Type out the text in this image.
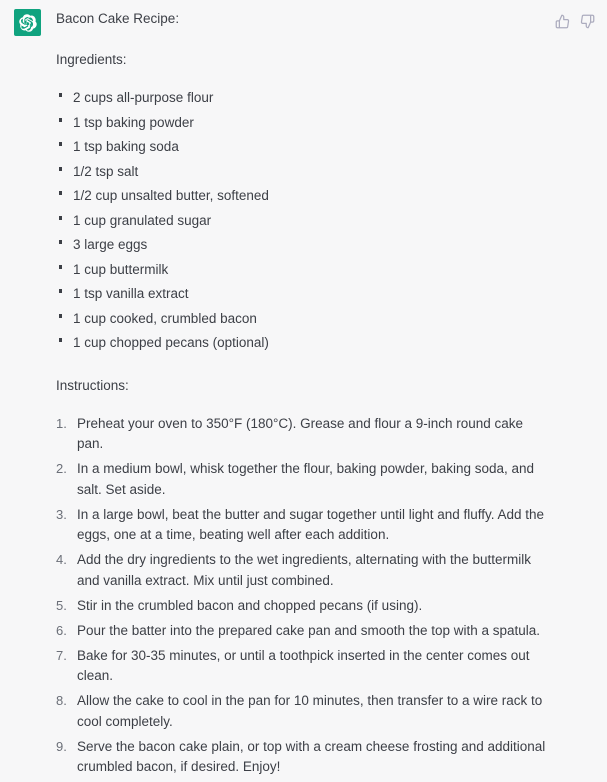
Bacon Cake Recipe:

Ingredients:

2 cups all-purpose flour
1 tsp baking powder
1 tsp baking soda
1/2 tsp salt
1/2 cup unsalted butter, softened
1 cup granulated sugar
3 large eggs
1 cup buttermilk
1 tsp vanilla extract
1 cup cooked, crumbled bacon
1 cup chopped pecans (optional)

Instructions:

Preheat your oven to 350°F (180°C). Grease and flour a 9-inch round cake pan.
In a medium bowl, whisk together the flour, baking powder, baking soda, and salt. Set aside.
In a large bowl, beat the butter and sugar together until light and fluffy. Add the eggs, one at a time, beating well after each addition.
Add the dry ingredients to the wet ingredients, alternating with the buttermilk and vanilla extract. Mix until just combined.
Stir in the crumbled bacon and chopped pecans (if using).
Pour the batter into the prepared cake pan and smooth the top with a spatula.
Bake for 30-35 minutes, or until a toothpick inserted in the center comes out clean.
Allow the cake to cool in the pan for 10 minutes, then transfer to a wire rack to cool completely.
Serve the bacon cake plain, or top with a cream cheese frosting and additional crumbled bacon, if desired. Enjoy!
